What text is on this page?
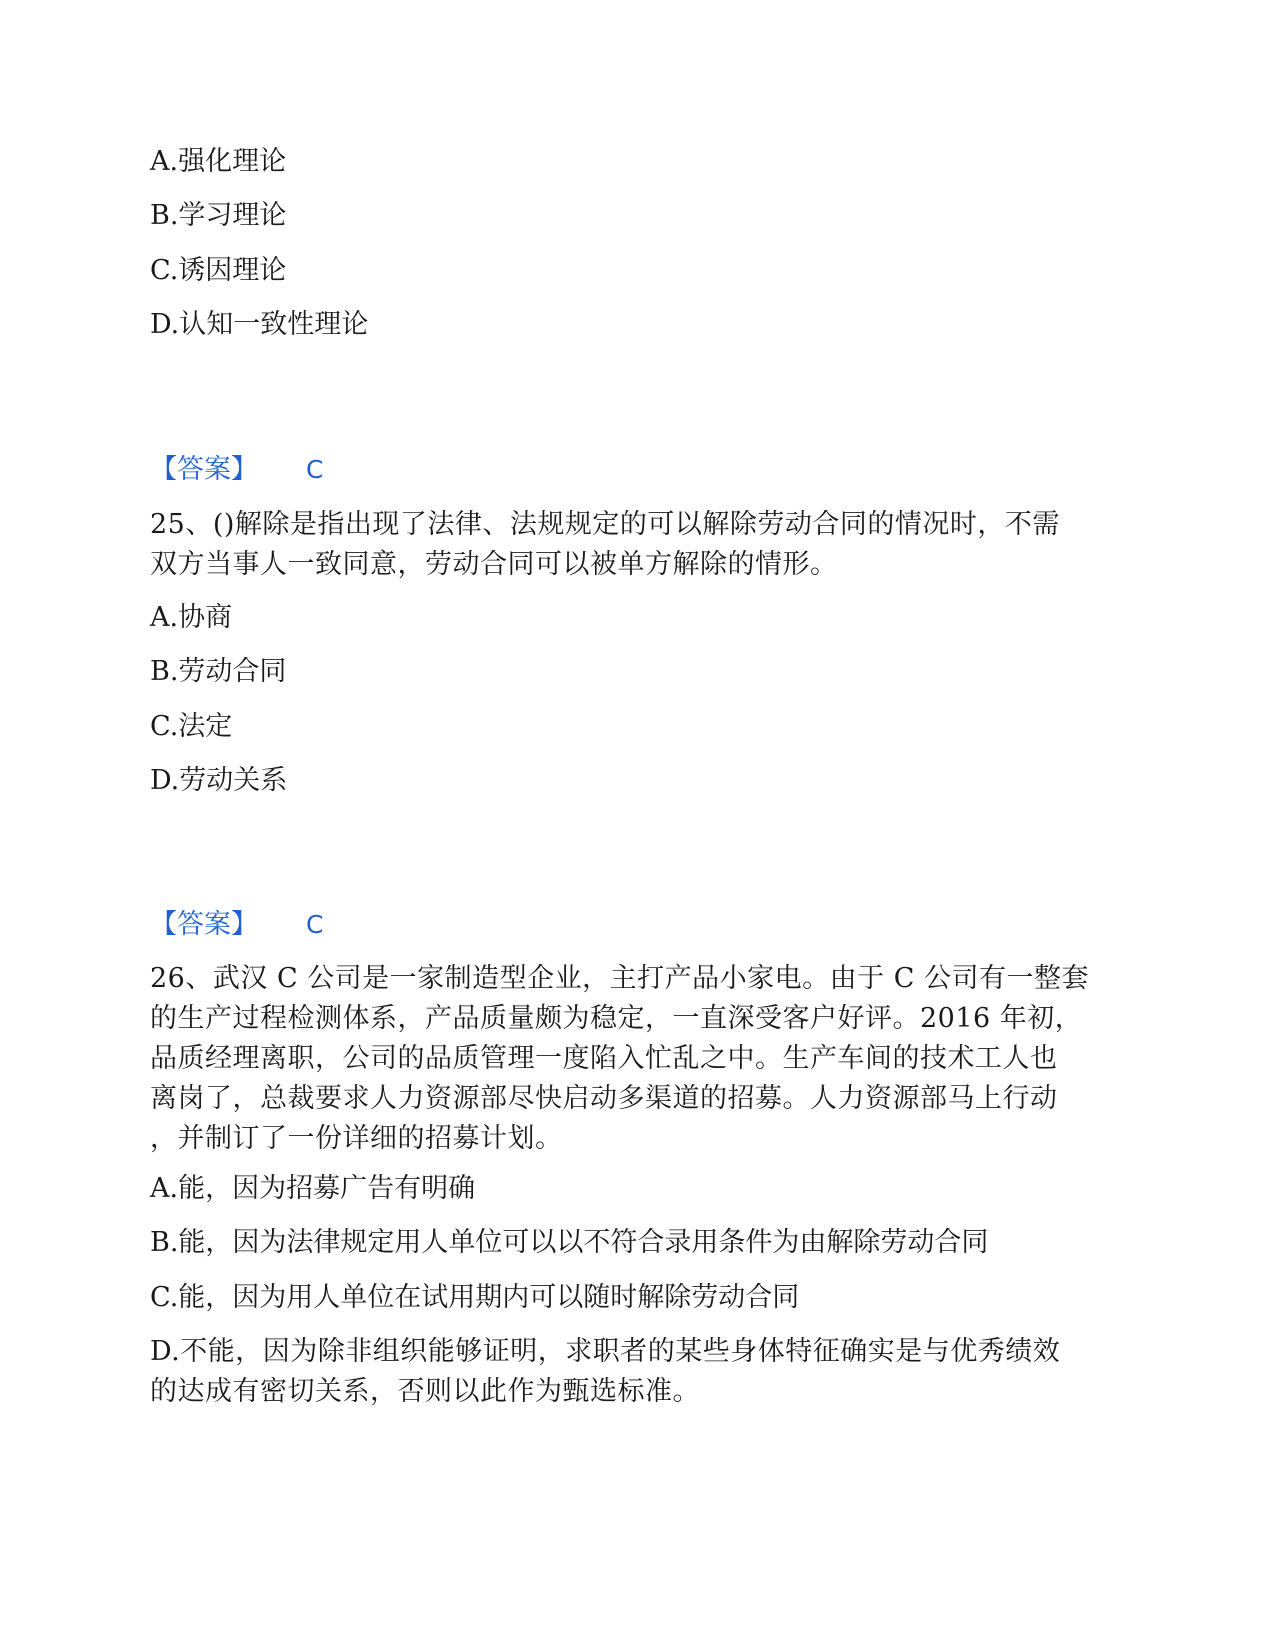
A.强化理论
B.学习理论
C.诱因理论
D.认知一致性理论
【答案】 C
25、()解除是指出现了法律、法规规定的可以解除劳动合同的情况时，不需
双方当事人一致同意，劳动合同可以被单方解除的情形。
A.协商
B.劳动合同
C.法定
D.劳动关系
【答案】 C
26、武汉 C 公司是一家制造型企业，主打产品小家电。由于 C 公司有一整套
的生产过程检测体系，产品质量颇为稳定，一直深受客户好评。2016 年初，
品质经理离职，公司的品质管理一度陷入忙乱之中。生产车间的技术工人也
离岗了，总裁要求人力资源部尽快启动多渠道的招募。人力资源部马上行动
，并制订了一份详细的招募计划。
A.能，因为招募广告有明确
B.能，因为法律规定用人单位可以以不符合录用条件为由解除劳动合同
C.能，因为用人单位在试用期内可以随时解除劳动合同
D.不能，因为除非组织能够证明，求职者的某些身体特征确实是与优秀绩效
的达成有密切关系，否则以此作为甄选标准。
